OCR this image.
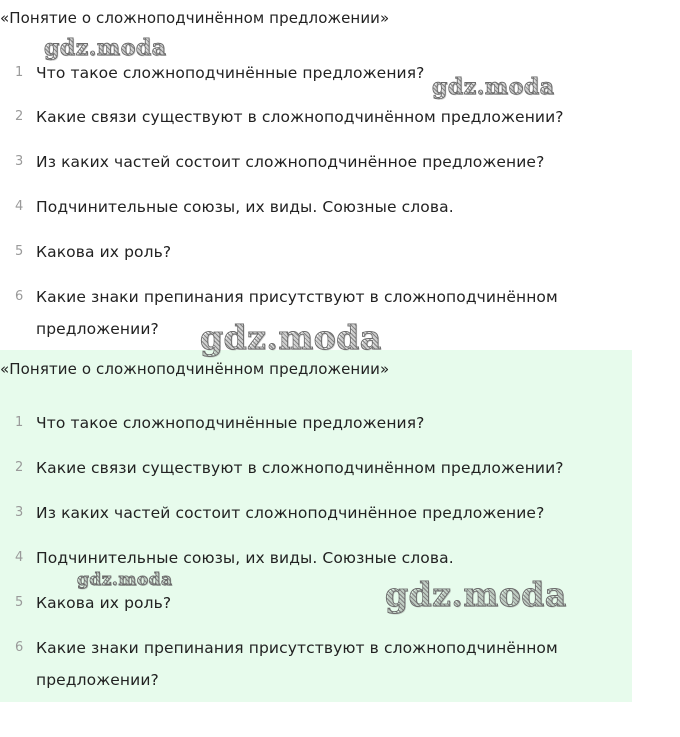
«Понятие о сложноподчинённом предложении»
1 Что такое сложноподчинённые предложения?
2 Какие связи существуют в сложноподчинённом предложении?
3 Из каких частей состоит сложноподчинённое предложение?
4 Подчинительные союзы, их виды. Союзные слова.
5 Какова их роль?
6 Какие знаки препинания присутствуют в сложноподчинённом предложении?
«Понятие о сложноподчинённом предложении»
1 Что такое сложноподчинённые предложения?
2 Какие связи существуют в сложноподчинённом предложении?
3 Из каких частей состоит сложноподчинённое предложение?
4 Подчинительные союзы, их виды. Союзные слова.
5 Какова их роль?
6 Какие знаки препинания присутствуют в сложноподчинённом предложении?
